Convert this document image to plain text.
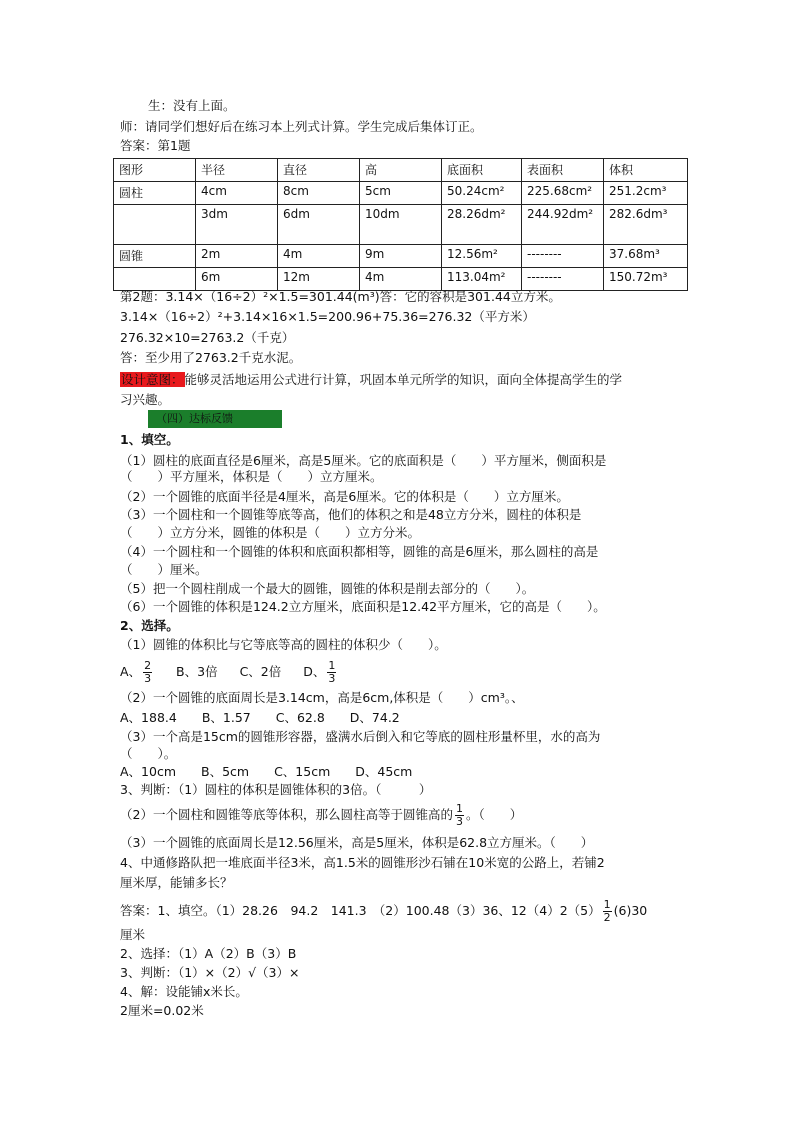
生：没有上面。
师：请同学们想好后在练习本上列式计算。学生完成后集体订正。
答案：第1题
图形	半径	直径	高	底面积	表面积	体积
圆柱	4cm	8cm	5cm	50.24cm²	225.68cm²	251.2cm³
	3dm	6dm	10dm	28.26dm²	244.92dm²	282.6dm³
圆锥	2m	4m	9m	12.56m²	--------	37.68m³
	6m	12m	4m	113.04m²	--------	150.72m³
第2题：3.14×（16÷2）²×1.5=301.44(m³)答：它的容积是301.44立方米。
3.14×（16÷2）²+3.14×16×1.5=200.96+75.36=276.32（平方米）
276.32×10=2763.2（千克）
答：至少用了2763.2千克水泥。
设计意图：能够灵活地运用公式进行计算，巩固本单元所学的知识，面向全体提高学生的学
习兴趣。
（四）达标反馈
1、填空。
（1）圆柱的底面直径是6厘米，高是5厘米。它的底面积是（　　）平方厘米，侧面积是
（　　）平方厘米，体积是（　　）立方厘米。
（2）一个圆锥的底面半径是4厘米，高是6厘米。它的体积是（　　）立方厘米。
（3）一个圆柱和一个圆锥等底等高，他们的体积之和是48立方分米，圆柱的体积是
（　　）立方分米，圆锥的体积是（　　）立方分米。
（4）一个圆柱和一个圆锥的体积和底面积都相等，圆锥的高是6厘米，那么圆柱的高是
（　　）厘米。
（5）把一个圆柱削成一个最大的圆锥，圆锥的体积是削去部分的（　　）。
（6）一个圆锥的体积是124.2立方厘米，底面积是12.42平方厘米，它的高是（　　）。
2、选择。
（1）圆锥的体积比与它等底等高的圆柱的体积少（　　）。
A、 $\frac{2}{3}$ B、3倍 C、2倍 D、 $\frac{1}{3}$
（2）一个圆锥的底面周长是3.14cm，高是6cm,体积是（　　）cm³。、
A、188.4　　B、1.57　　C、62.8　　D、74.2
（3）一个高是15cm的圆锥形容器，盛满水后倒入和它等底的圆柱形量杯里，水的高为
（　　）。
A、10cm　　B、5cm　　C、15cm　　D、45cm
3、判断：（1）圆柱的体积是圆锥体积的3倍。（　　　）
（2）一个圆柱和圆锥等底等体积，那么圆柱高等于圆锥高的 $\frac{1}{3}$ 。（　　）
（3）一个圆锥的底面周长是12.56厘米，高是5厘米，体积是62.8立方厘米。（　　）
4、中通修路队把一堆底面半径3米，高1.5米的圆锥形沙石铺在10米宽的公路上，若铺2
厘米厚，能铺多长？
答案：1、填空。（1）28.26　94.2　141.3　（2）100.48（3）36、$12(4)2(5) \frac{1}{2} (6)30$
厘米
2、选择：（1）A（2）B（3）B
3、判断：（1）×（2）√（3）×
4、解：设能铺x米长。
2厘米=0.02米
